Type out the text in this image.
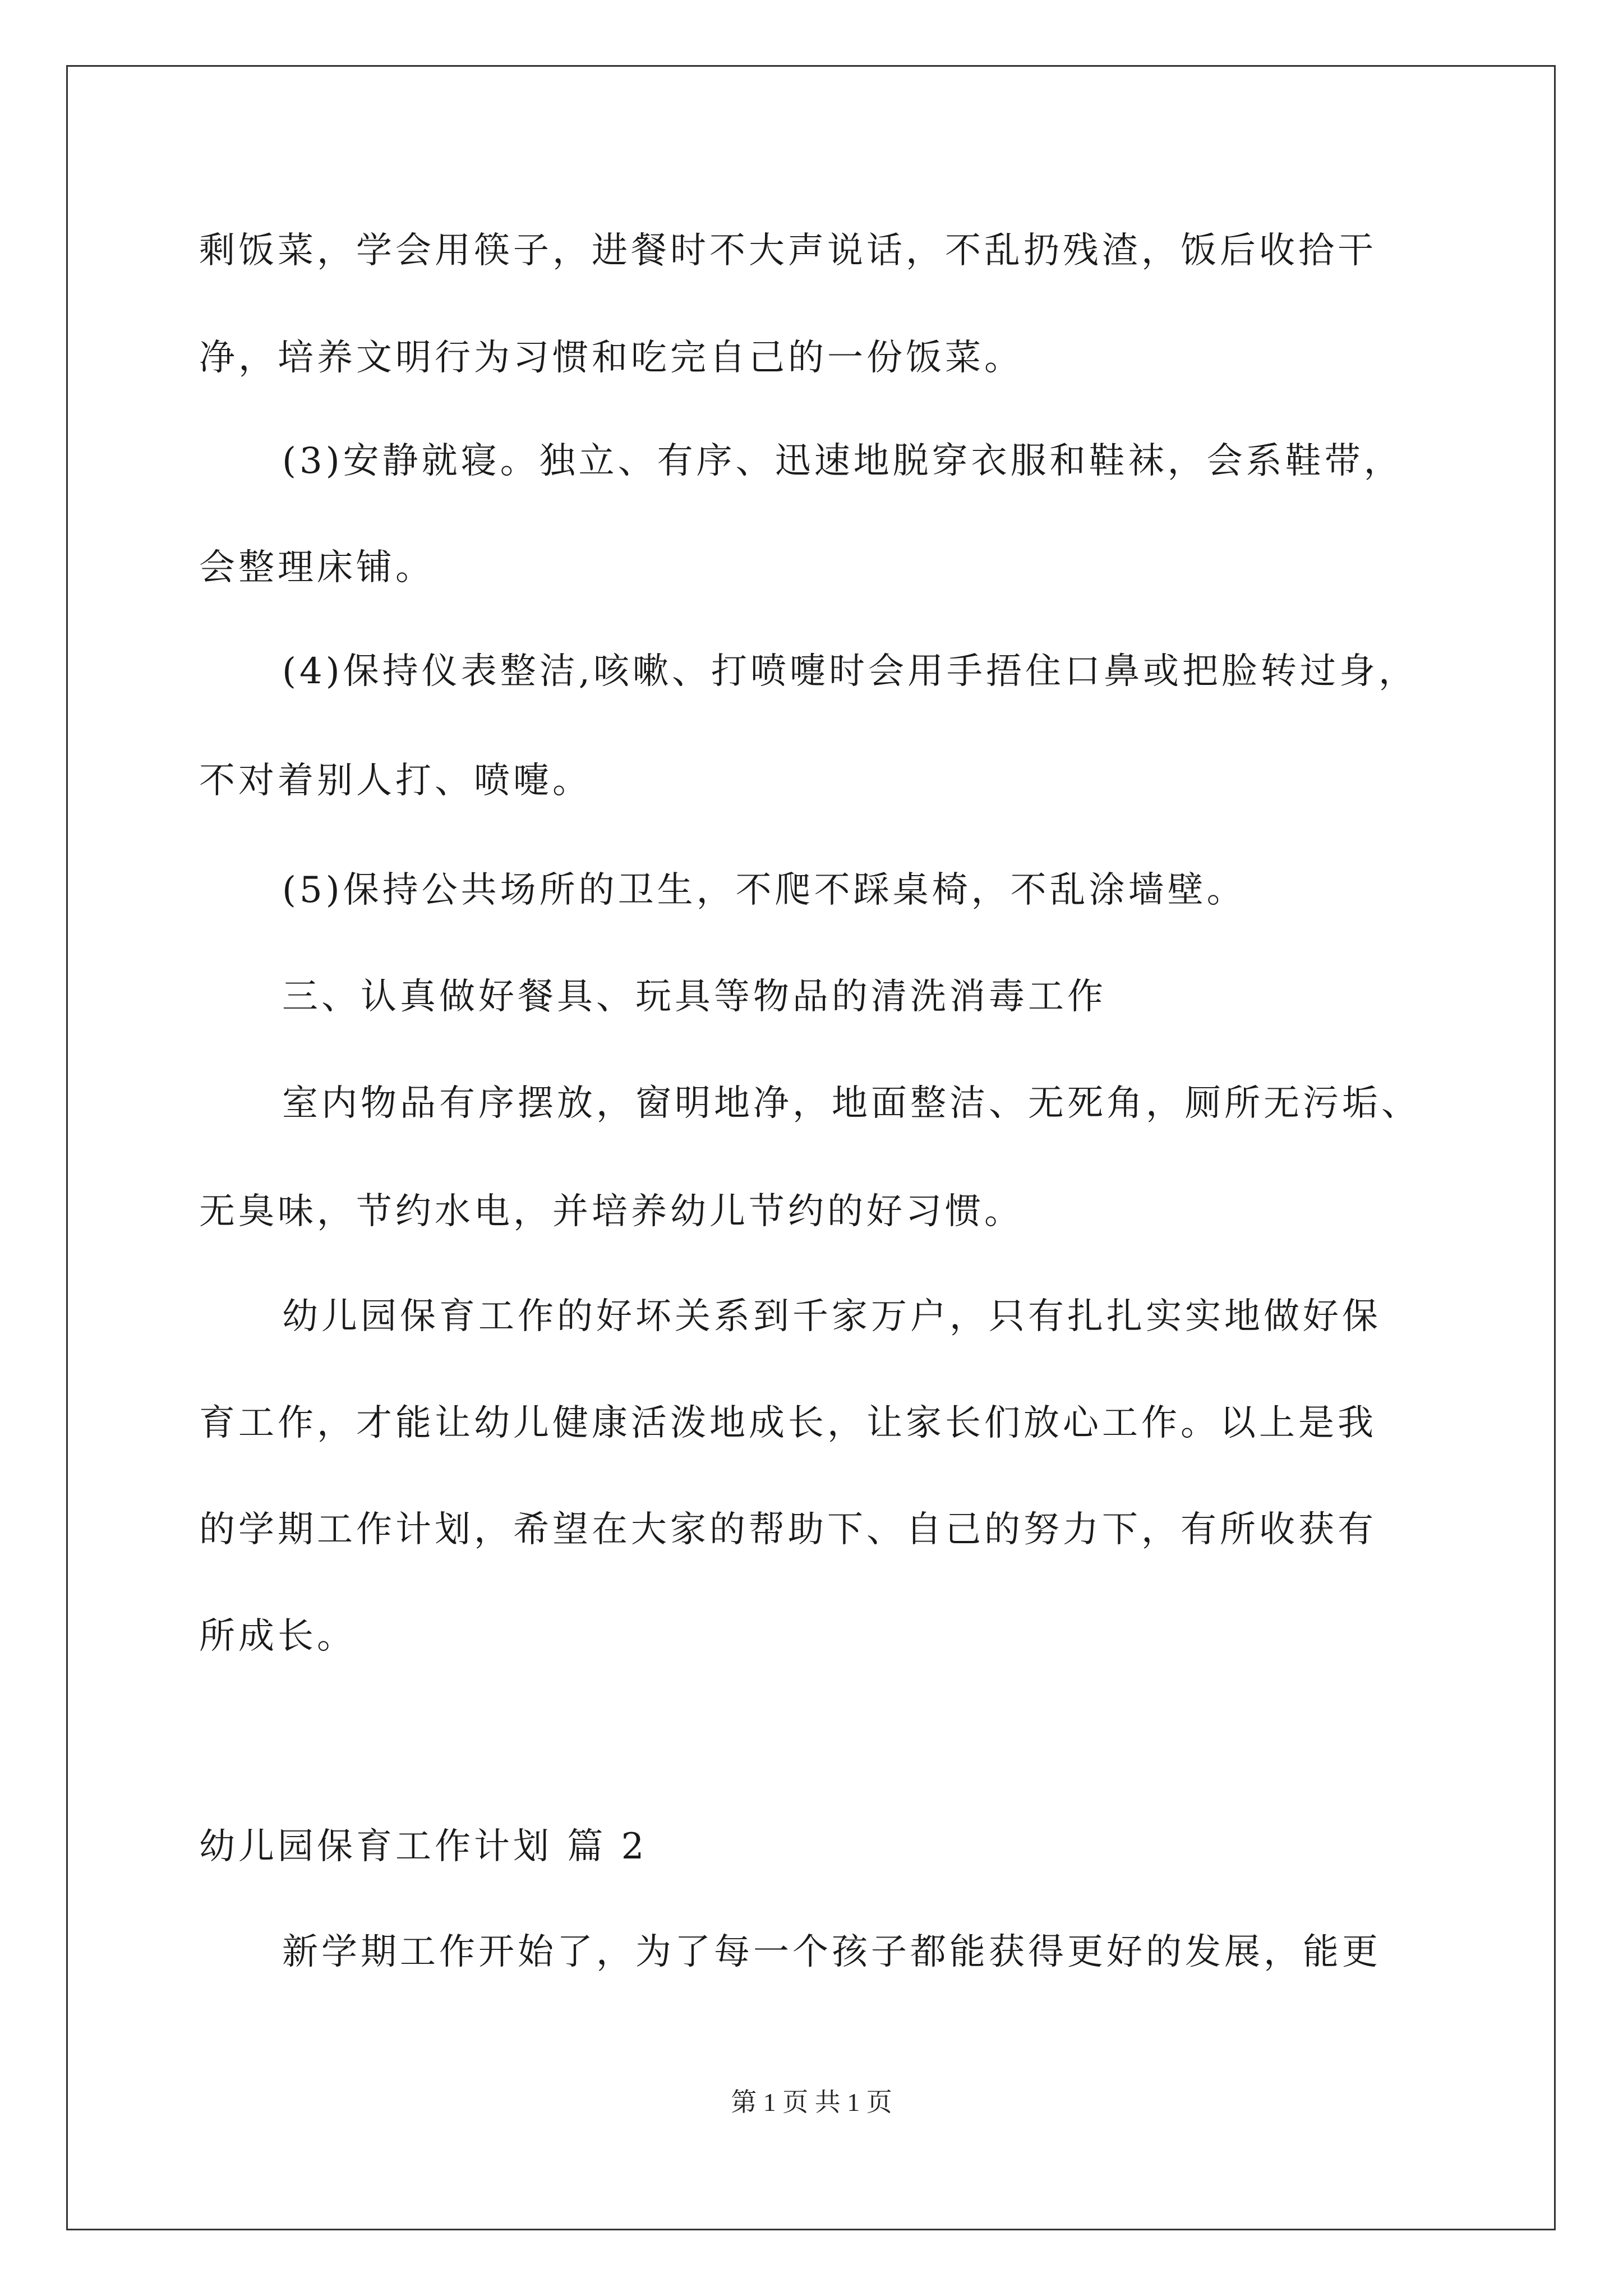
剩饭菜，学会用筷子，进餐时不大声说话，不乱扔残渣，饭后收拾干
净，培养文明行为习惯和吃完自己的一份饭菜。
(3)安静就寝。独立、有序、迅速地脱穿衣服和鞋袜，会系鞋带，
会整理床铺。
(4)保持仪表整洁,咳嗽、打喷嚏时会用手捂住口鼻或把脸转过身，
不对着别人打、喷嚏。
(5)保持公共场所的卫生，不爬不踩桌椅，不乱涂墙壁。
三、认真做好餐具、玩具等物品的清洗消毒工作
室内物品有序摆放，窗明地净，地面整洁、无死角，厕所无污垢、
无臭味，节约水电，并培养幼儿节约的好习惯。
幼儿园保育工作的好坏关系到千家万户，只有扎扎实实地做好保
育工作，才能让幼儿健康活泼地成长，让家长们放心工作。以上是我
的学期工作计划，希望在大家的帮助下、自己的努力下，有所收获有
所成长。
幼儿园保育工作计划 篇 2
新学期工作开始了，为了每一个孩子都能获得更好的发展，能更
第 1 页 共 1 页
